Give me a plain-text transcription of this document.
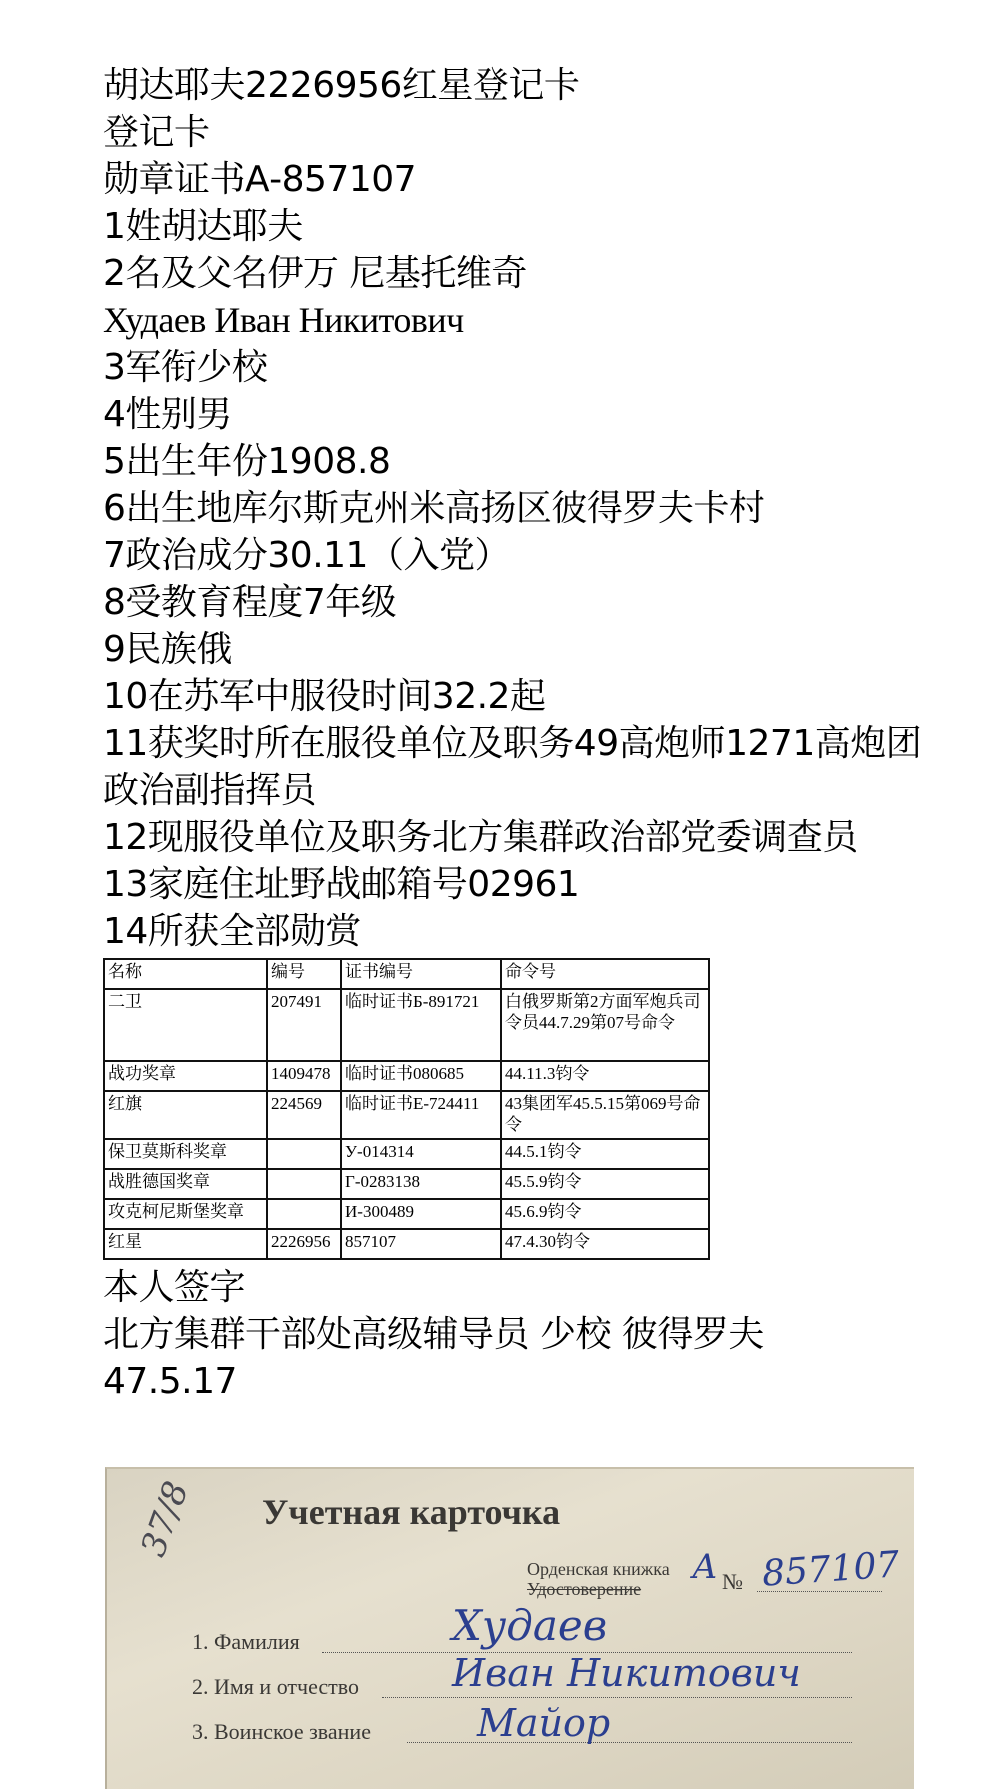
胡达耶夫2226956红星登记卡
登记卡
勋章证书А-857107
1姓胡达耶夫
2名及父名伊万 尼基托维奇
Худаев Иван Никитович
3军衔少校
4性别男
5出生年份1908.8
6出生地库尔斯克州米高扬区彼得罗夫卡村
7政治成分30.11（入党）
8受教育程度7年级
9民族俄
10在苏军中服役时间32.2起
11获奖时所在服役单位及职务49高炮师1271高炮团政治副指挥员
12现服役单位及职务北方集群政治部党委调查员
13家庭住址野战邮箱号02961
14所获全部勋赏
名称	编号	证书编号	命令号
二卫	207491	临时证书Б-891721	白俄罗斯第2方面军炮兵司令员44.7.29第07号命令
战功奖章	1409478	临时证书080685	44.11.3钧令
红旗	224569	临时证书Е-724411	43集团军45.5.15第069号命令
保卫莫斯科奖章		У-014314	44.5.1钧令
战胜德国奖章		Г-0283138	45.5.9钧令
攻克柯尼斯堡奖章		И-300489	45.6.9钧令
红星	2226956	857107	47.4.30钧令
本人签字
北方集群干部处高级辅导员 少校 彼得罗夫
47.5.17
37/8 Учетная карточка
Орденская книжка
Удостоверение
А № 857107
1. Фамилия	Худаев
2. Имя и отчество Иван Никитович
3. Воинское звание	Майор
